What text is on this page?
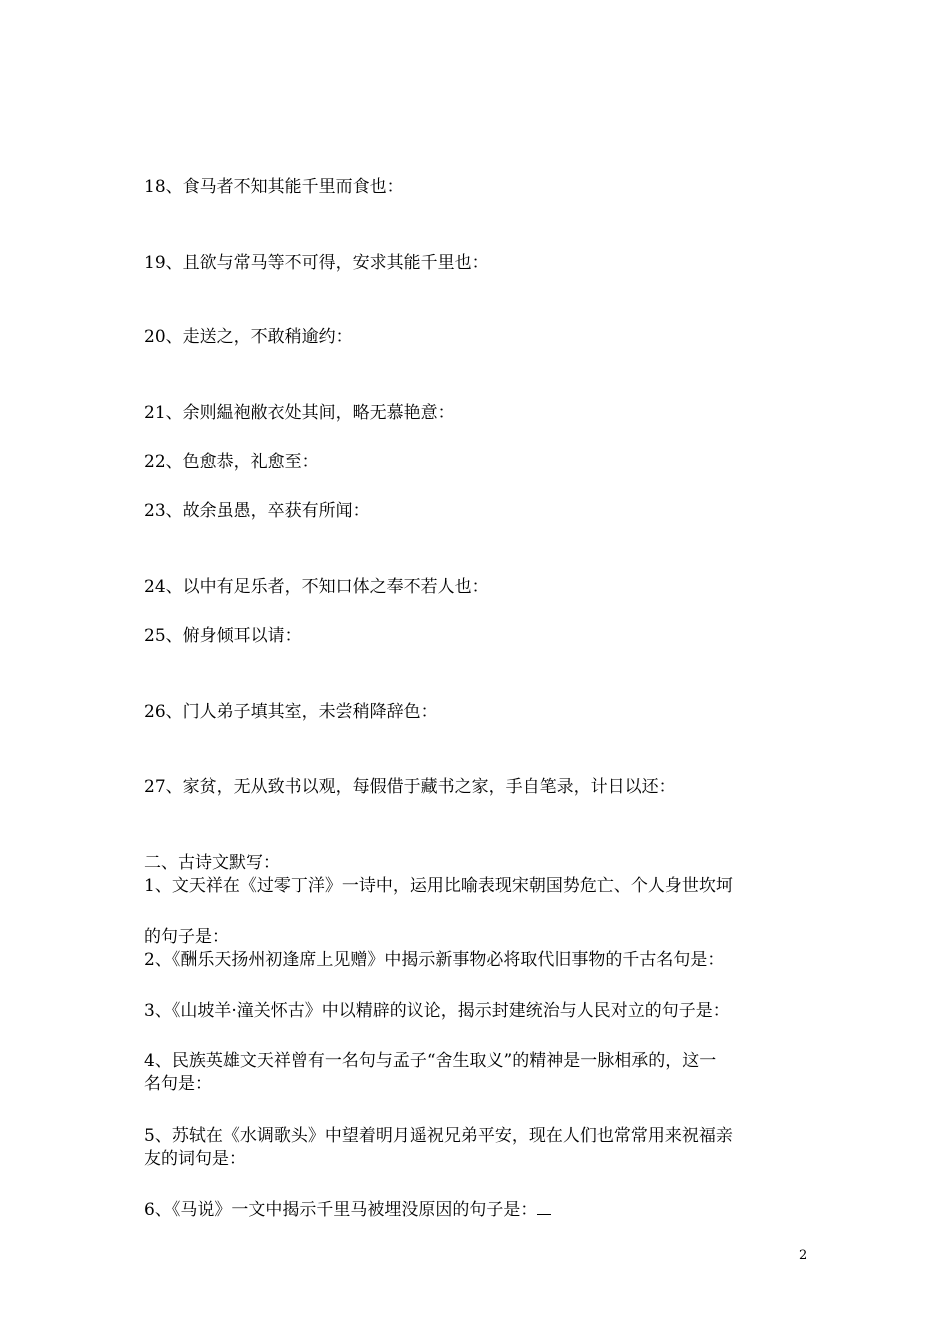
18、食马者不知其能千里而食也：

19、且欲与常马等不可得，安求其能千里也：

20、走送之，不敢稍逾约：

21、余则緼袍敝衣处其间，略无慕艳意：

22、色愈恭，礼愈至：

23、故余虽愚，卒获有所闻：

24、以中有足乐者，不知口体之奉不若人也：

25、俯身倾耳以请：

26、门人弟子填其室，未尝稍降辞色：

27、家贫，无从致书以观，每假借于藏书之家，手自笔录，计日以还：

二、古诗文默写：

1、文天祥在《过零丁洋》一诗中，运用比喻表现宋朝国势危亡、个人身世坎坷

的句子是：

2、《酬乐天扬州初逢席上见赠》中揭示新事物必将取代旧事物的千古名句是：

3、《山坡羊·潼关怀古》中以精辟的议论，揭示封建统治与人民对立的句子是：

4、民族英雄文天祥曾有一名句与孟子“舍生取义”的精神是一脉相承的，这一

名句是：

5、苏轼在《水调歌头》中望着明月遥祝兄弟平安，现在人们也常常用来祝福亲

友的词句是：

6、《马说》一文中揭示千里马被埋没原因的句子是：

2
